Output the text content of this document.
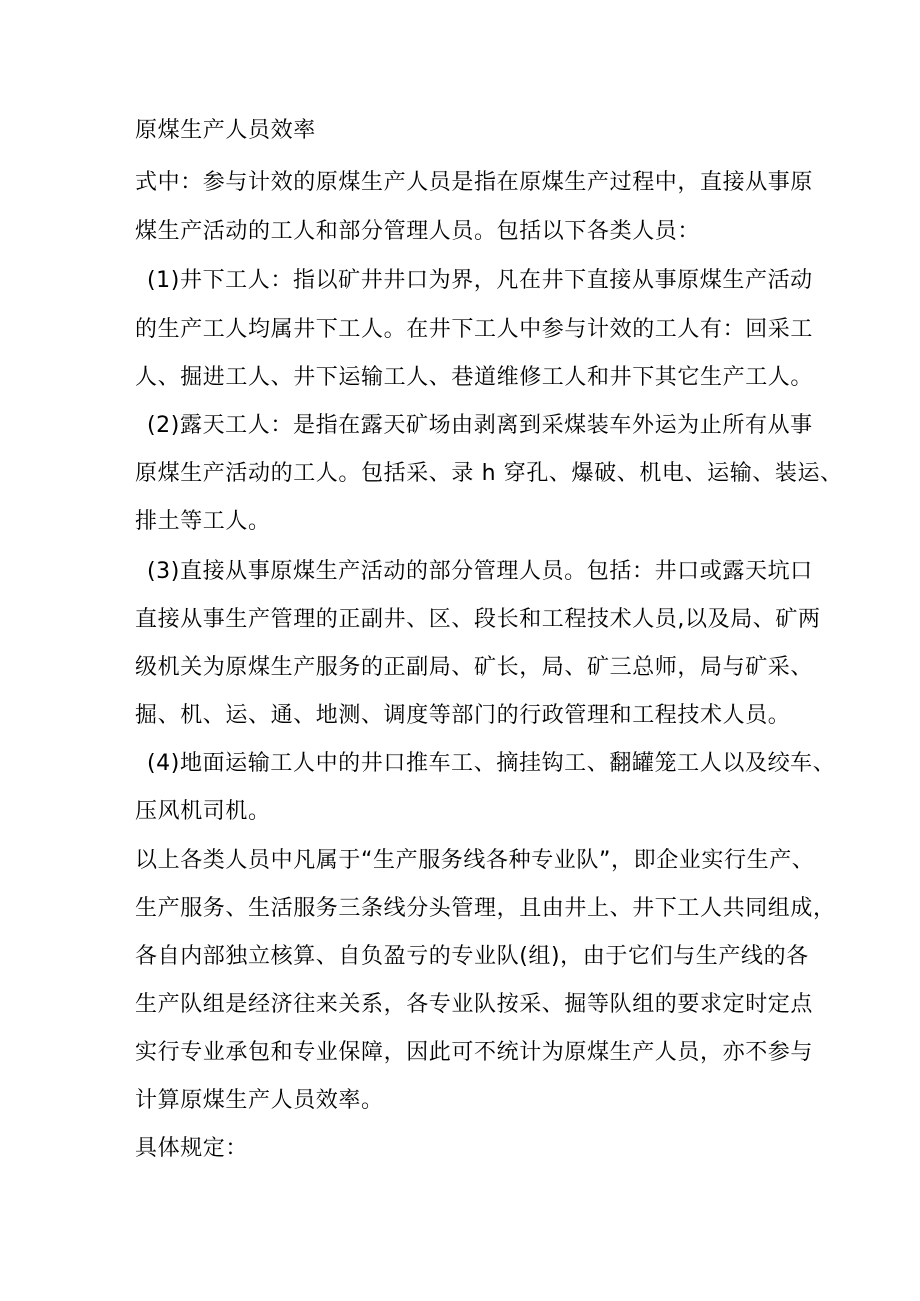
原煤生产人员效率
式中：参与计效的原煤生产人员是指在原煤生产过程中，直接从事原
煤生产活动的工人和部分管理人员。包括以下各类人员：
(1)井下工人：指以矿井井口为界，凡在井下直接从事原煤生产活动
的生产工人均属井下工人。在井下工人中参与计效的工人有：回采工
人、掘进工人、井下运输工人、巷道维修工人和井下其它生产工人。
(2)露天工人：是指在露天矿场由剥离到采煤装车外运为止所有从事
原煤生产活动的工人。包括采、录 h 穿孔、爆破、机电、运输、装运、
排土等工人。
(3)直接从事原煤生产活动的部分管理人员。包括：井口或露天坑口
直接从事生产管理的正副井、区、段长和工程技术人员,以及局、矿两
级机关为原煤生产服务的正副局、矿长，局、矿三总师，局与矿采、
掘、机、运、通、地测、调度等部门的行政管理和工程技术人员。
(4)地面运输工人中的井口推车工、摘挂钩工、翻罐笼工人以及绞车、
压风机司机。
以上各类人员中凡属于“生产服务线各种专业队”，即企业实行生产、
生产服务、生活服务三条线分头管理，且由井上、井下工人共同组成，
各自内部独立核算、自负盈亏的专业队(组)，由于它们与生产线的各
生产队组是经济往来关系，各专业队按采、掘等队组的要求定时定点
实行专业承包和专业保障，因此可不统计为原煤生产人员，亦不参与
计算原煤生产人员效率。
具体规定：
